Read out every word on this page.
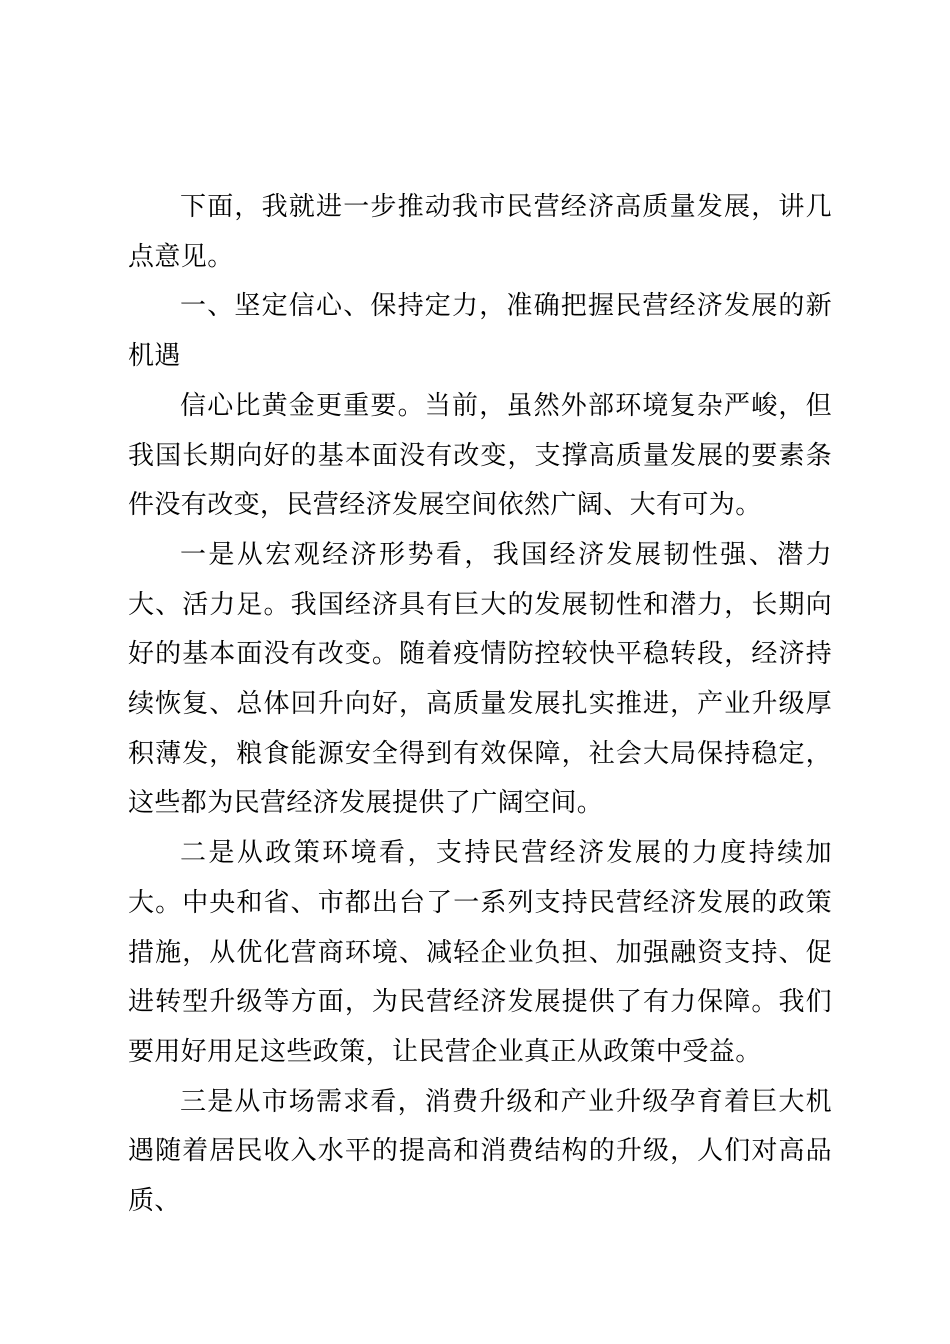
下面，我就进一步推动我市民营经济高质量发展，讲几点意见。

一、坚定信心、保持定力，准确把握民营经济发展的新机遇

信心比黄金更重要。当前，虽然外部环境复杂严峻，但我国长期向好的基本面没有改变，支撑高质量发展的要素条件没有改变，民营经济发展空间依然广阔、大有可为。

一是从宏观经济形势看，我国经济发展韧性强、潜力大、活力足。我国经济具有巨大的发展韧性和潜力，长期向好的基本面没有改变。随着疫情防控较快平稳转段，经济持续恢复、总体回升向好，高质量发展扎实推进，产业升级厚积薄发，粮食能源安全得到有效保障，社会大局保持稳定，这些都为民营经济发展提供了广阔空间。

二是从政策环境看，支持民营经济发展的力度持续加大。中央和省、市都出台了一系列支持民营经济发展的政策措施，从优化营商环境、减轻企业负担、加强融资支持、促进转型升级等方面，为民营经济发展提供了有力保障。我们要用好用足这些政策，让民营企业真正从政策中受益。

三是从市场需求看，消费升级和产业升级孕育着巨大机遇随着居民收入水平的提高和消费结构的升级，人们对高品质、
